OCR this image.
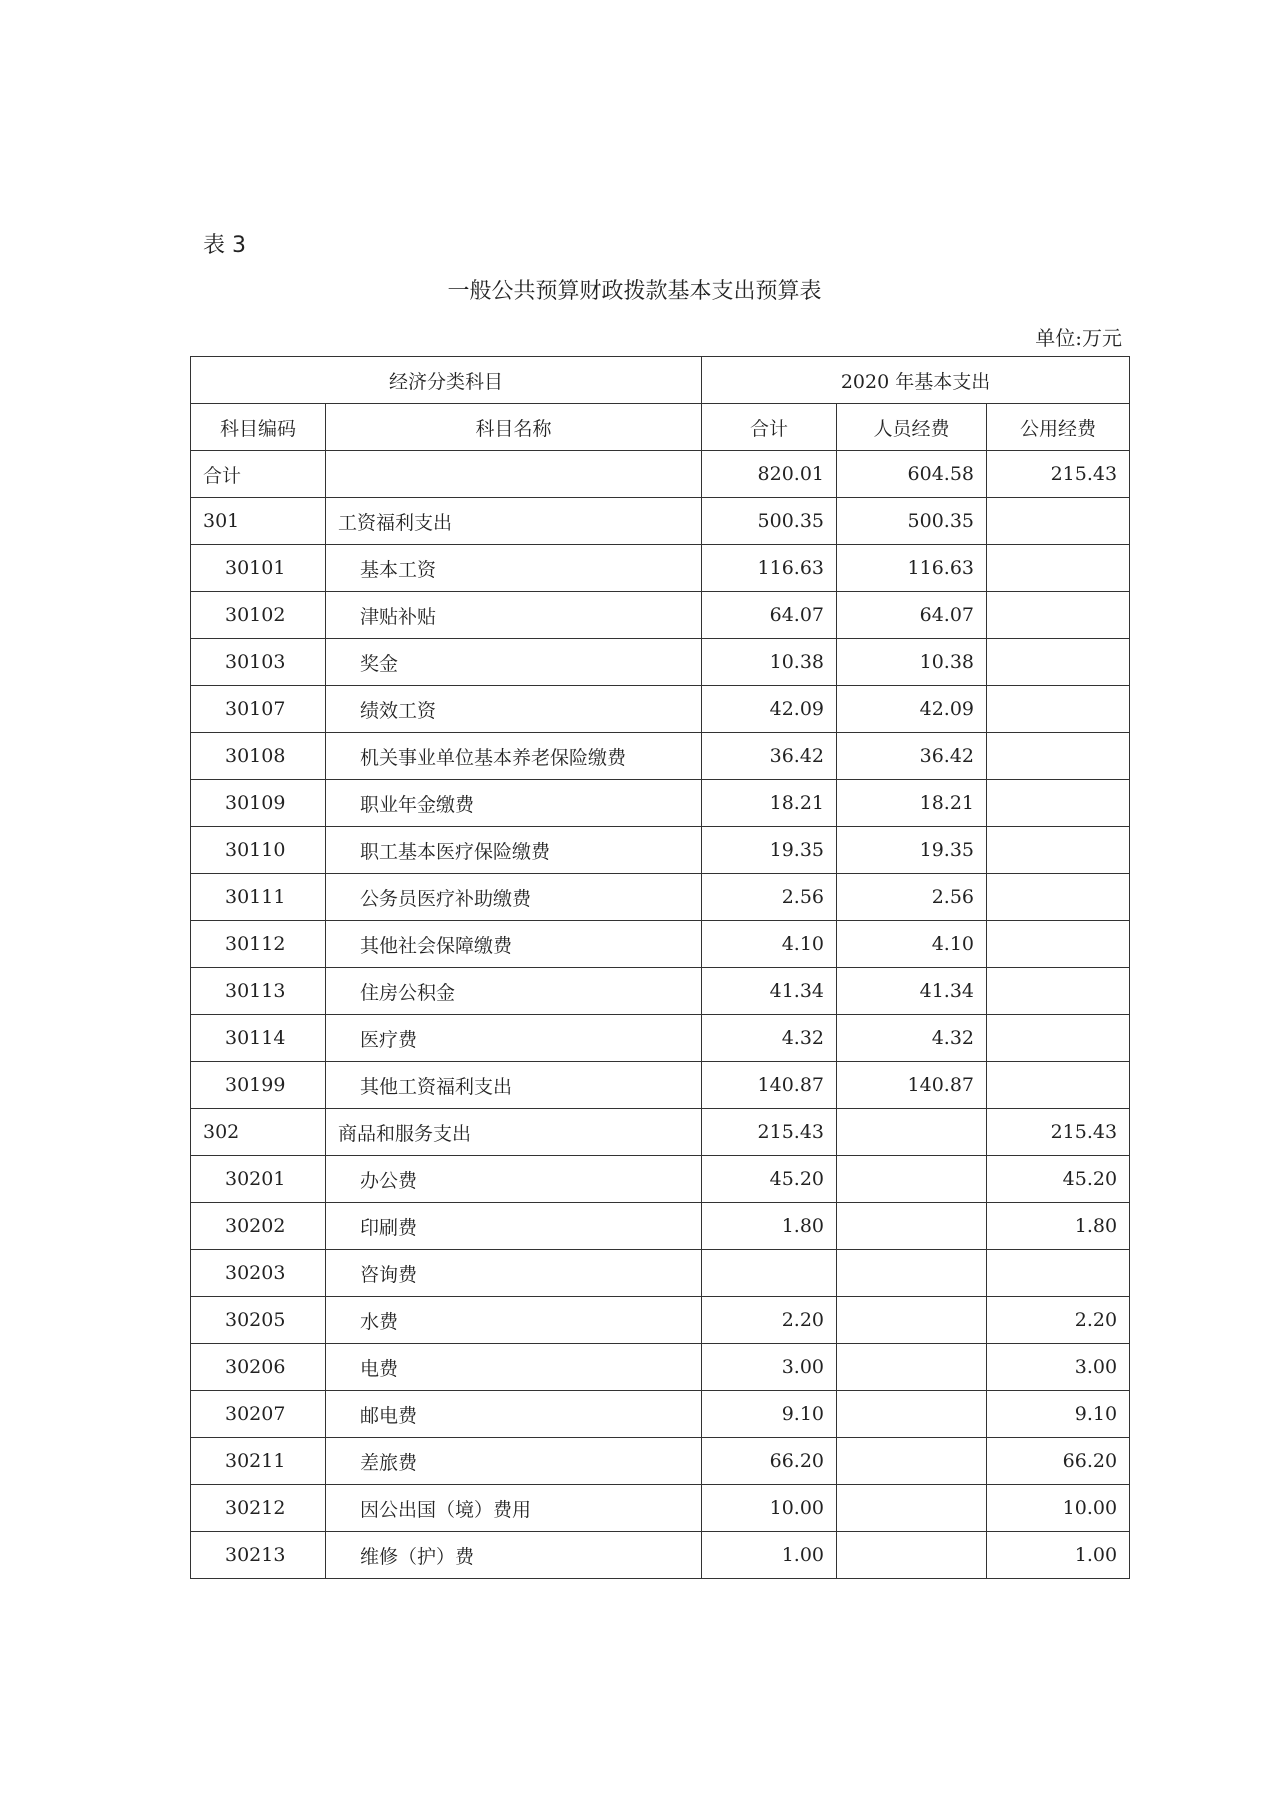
表 3
一般公共预算财政拨款基本支出预算表
单位:万元
经济分类科目		2020 年基本支出		
科目编码	科目名称	合计	人员经费	公用经费
合计		820.01	604.58	215.43
301	工资福利支出	500.35	500.35	
30101	基本工资	116.63	116.63	
30102	津贴补贴	64.07	64.07	
30103	奖金	10.38	10.38	
30107	绩效工资	42.09	42.09	
30108	机关事业单位基本养老保险缴费	36.42	36.42	
30109	职业年金缴费	18.21	18.21	
30110	职工基本医疗保险缴费	19.35	19.35	
30111	公务员医疗补助缴费	2.56	2.56	
30112	其他社会保障缴费	4.10	4.10	
30113	住房公积金	41.34	41.34	
30114	医疗费	4.32	4.32	
30199	其他工资福利支出	140.87	140.87	
302	商品和服务支出	215.43		215.43
30201	办公费	45.20		45.20
30202	印刷费	1.80		1.80
30203	咨询费			
30205	水费	2.20		2.20
30206	电费	3.00		3.00
30207	邮电费	9.10		9.10
30211	差旅费	66.20		66.20
30212	因公出国（境）费用	10.00		10.00
30213	维修（护）费	1.00		1.00
